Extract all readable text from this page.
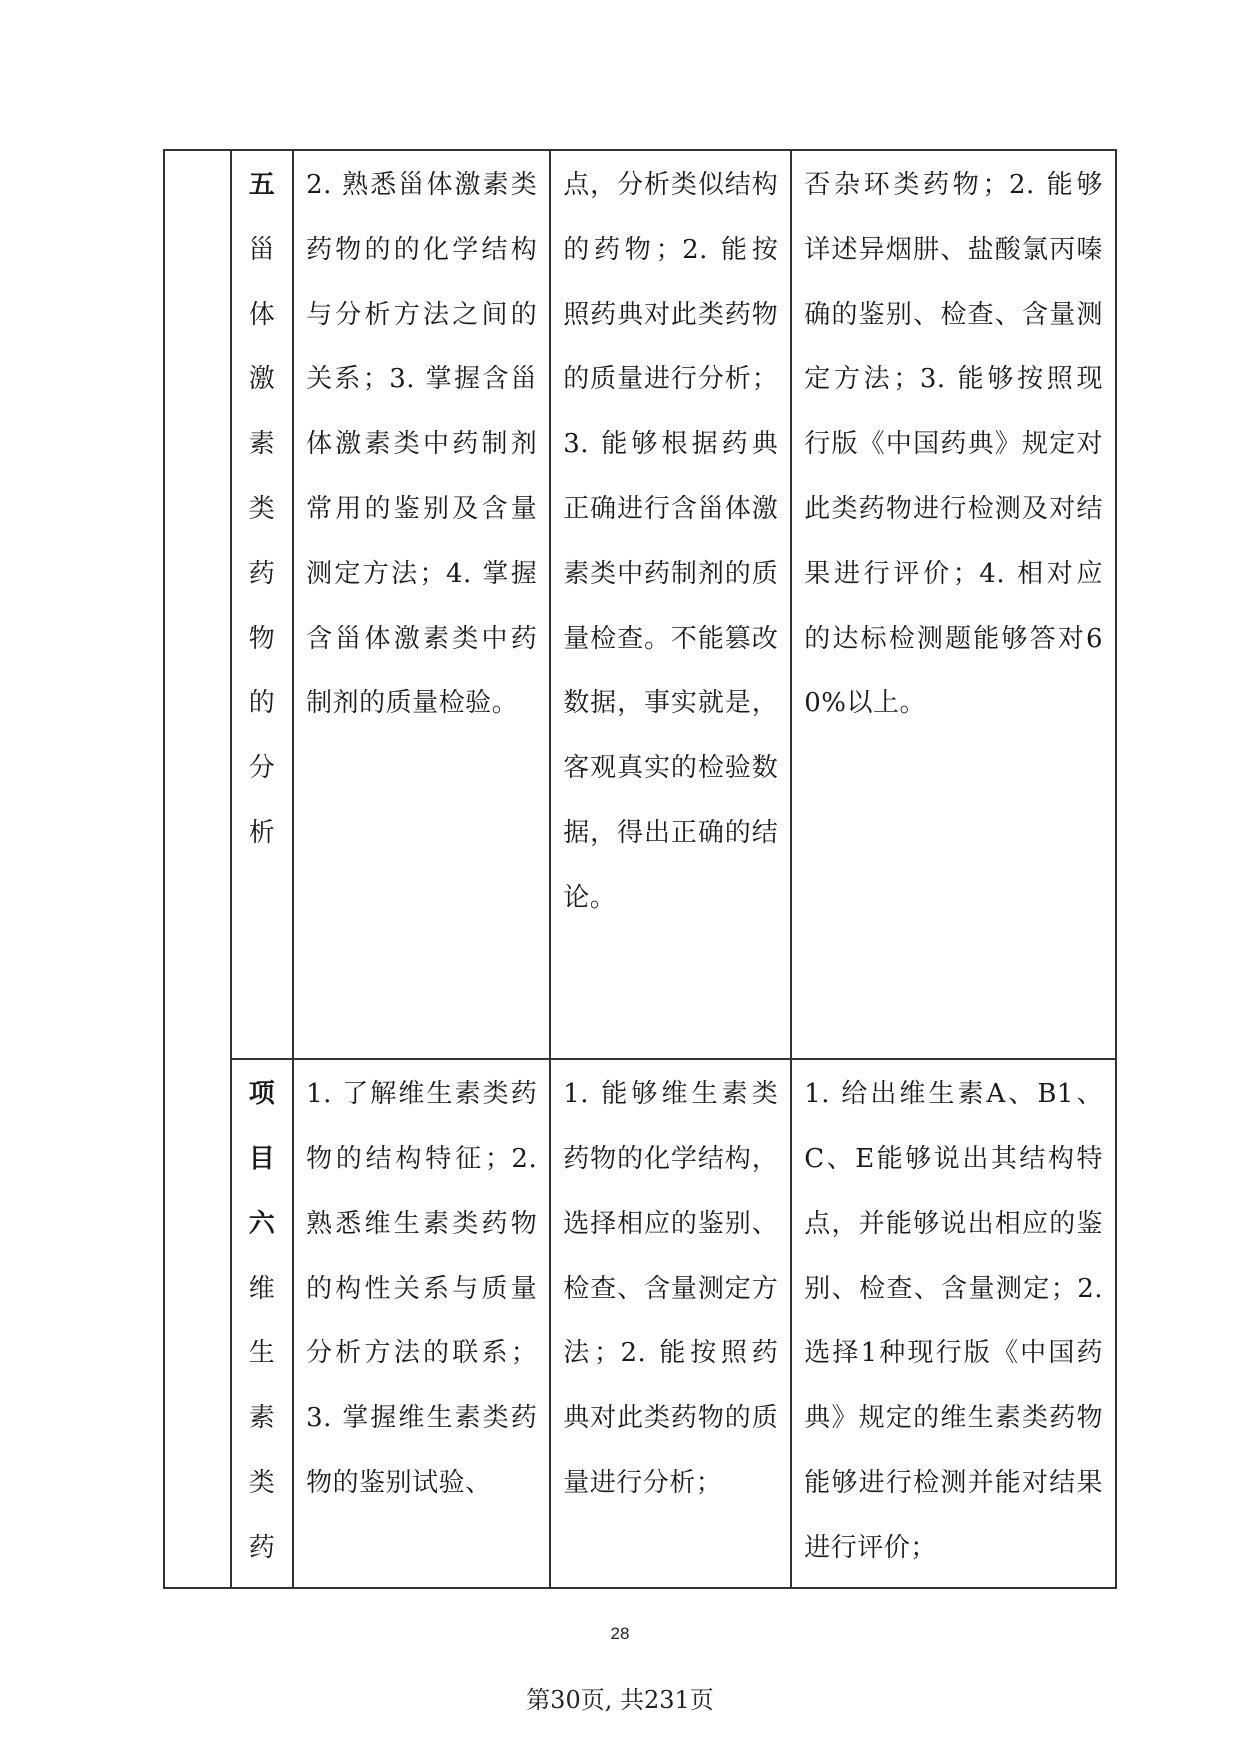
	五甾体激素类药物的分析	2. 熟悉甾体激素类药物的的化学结构与分析方法之间的关系；3. 掌握含甾体激素类中药制剂常用的鉴别及含量测定方法；4. 掌握含甾体激素类中药制剂的质量检验。	点，分析类似结构的药物；2. 能按照药典对此类药物的质量进行分析；3. 能够根据药典正确进行含甾体激素类中药制剂的质量检查。不能篡改数据，事实就是，客观真实的检验数据，得出正确的结论。	否杂环类药物；2. 能够详述异烟肼、盐酸氯丙嗪确的鉴别、检查、含量测定方法；3. 能够按照现行版《中国药典》规定对此类药物进行检测及对结果进行评价；4. 相对应的达标检测题能够答对60%以上。

	项目六维生素类药	1. 了解维生素类药物的结构特征；2. 熟悉维生素类药物的构性关系与质量分析方法的联系；3. 掌握维生素类药物的鉴别试验、	1. 能够维生素类药物的化学结构，选择相应的鉴别、检查、含量测定方法；2. 能按照药典对此类药物的质量进行分析；	1. 给出维生素A、B1、C、E能够说出其结构特点，并能够说出相应的鉴别、检查、含量测定；2. 选择1种现行版《中国药典》规定的维生素类药物能够进行检测并能对结果进行评价；
28
第30页, 共231页
